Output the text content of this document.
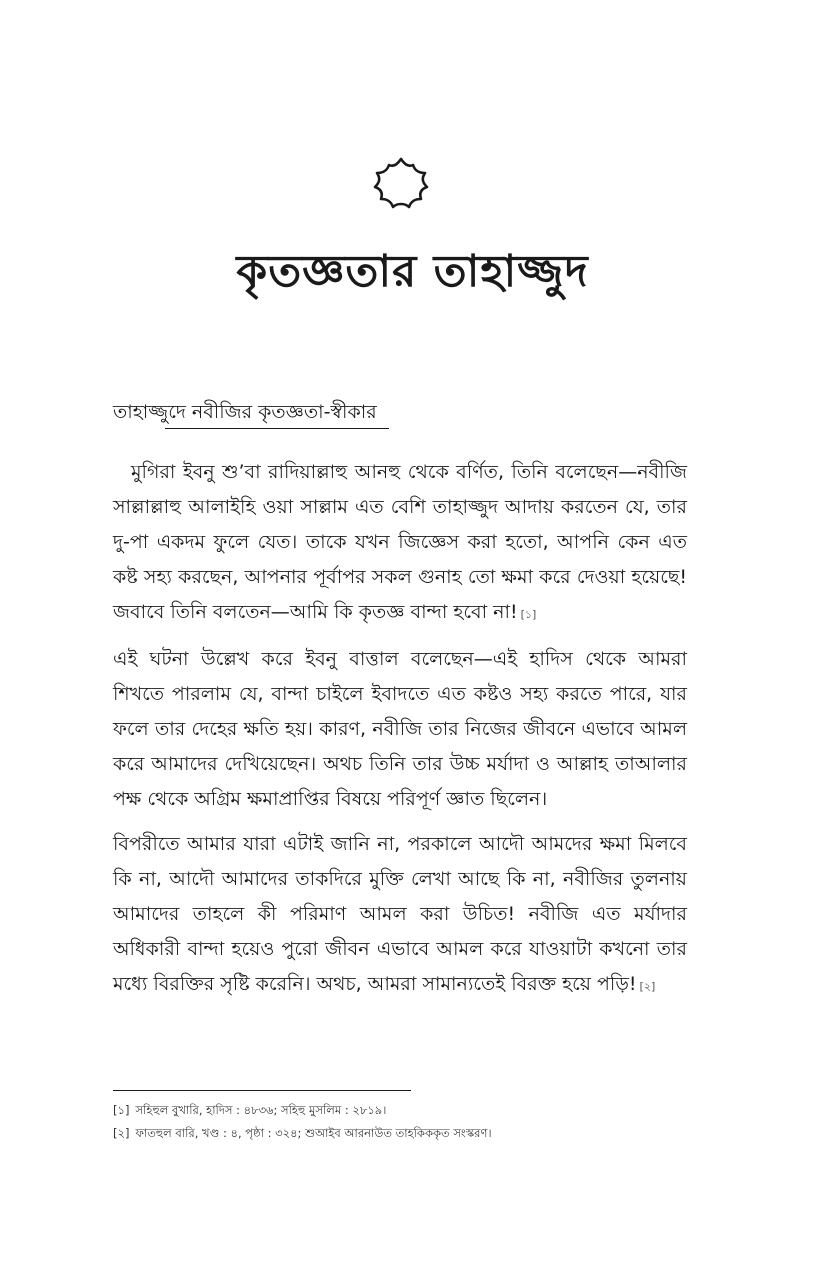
কৃতজ্ঞতার তাহাজ্জুদ
তাহাজ্জুদে নবীজির কৃতজ্ঞতা-স্বীকার

মুগিরা ইবনু শু’বা রাদিয়াল্লাহু আনহু থেকে বর্ণিত, তিনি বলেছেন—নবীজি সাল্লাল্লাহু আলাইহি ওয়া সাল্লাম এত বেশি তাহাজ্জুদ আদায় করতেন যে, তার দু-পা একদম ফুলে যেত। তাকে যখন জিজ্ঞেস করা হতো, আপনি কেন এত কষ্ট সহ্য করছেন, আপনার পূর্বাপর সকল গুনাহ তো ক্ষমা করে দেওয়া হয়েছে! জবাবে তিনি বলতেন—আমি কি কৃতজ্ঞ বান্দা হবো না! [১]

এই ঘটনা উল্লেখ করে ইবনু বাত্তাল বলেছেন—এই হাদিস থেকে আমরা শিখতে পারলাম যে, বান্দা চাইলে ইবাদতে এত কষ্টও সহ্য করতে পারে, যার ফলে তার দেহের ক্ষতি হয়। কারণ, নবীজি তার নিজের জীবনে এভাবে আমল করে আমাদের দেখিয়েছেন। অথচ তিনি তার উচ্চ মর্যাদা ও আল্লাহ তাআলার পক্ষ থেকে অগ্রিম ক্ষমাপ্রাপ্তির বিষয়ে পরিপূর্ণ জ্ঞাত ছিলেন।

বিপরীতে আমার যারা এটাই জানি না, পরকালে আদৌ আমদের ক্ষমা মিলবে কি না, আদৌ আমাদের তাকদিরে মুক্তি লেখা আছে কি না, নবীজির তুলনায় আমাদের তাহলে কী পরিমাণ আমল করা উচিত! নবীজি এত মর্যাদার অধিকারী বান্দা হয়েও পুরো জীবন এভাবে আমল করে যাওয়াটা কখনো তার মধ্যে বিরক্তির সৃষ্টি করেনি। অথচ, আমরা সামান্যতেই বিরক্ত হয়ে পড়ি! [২]

[১] সহিহুল বুখারি, হাদিস : ৪৮৩৬; সহিহু মুসলিম : ২৮১৯।
[২] ফাতহুল বারি, খণ্ড : ৪, পৃষ্ঠা : ৩২৪; শুআইব আরনাউত তাহকিককৃত সংস্করণ।
